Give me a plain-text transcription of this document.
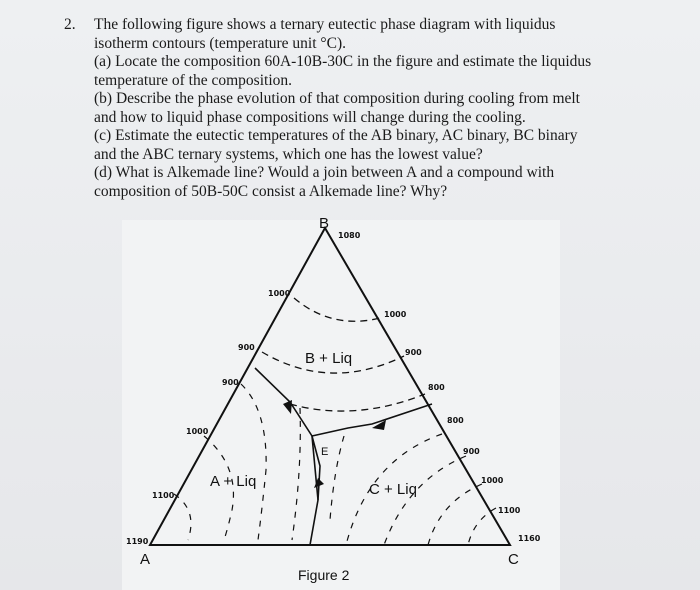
2. The following figure shows a ternary eutectic phase diagram with liquidus
isotherm contours (temperature unit °C).
(a) Locate the composition 60A-10B-30C in the figure and estimate the liquidus
temperature of the composition.
(b) Describe the phase evolution of that composition during cooling from melt
and how to liquid phase compositions will change during the cooling.
(c) Estimate the eutectic temperatures of the AB binary, AC binary, BC binary
and the ABC ternary systems, which one has the lowest value?
(d) What is Alkemade line? Would a join between A and a compound with
composition of 50B-50C consist a Alkemade line? Why?
B
A	C
B + Liq
A + Liq	C + Liq
E
1080
1000
1000
900
900
900
800
800
1000
900
1000
1100
1100
1190	1160
Figure 2
